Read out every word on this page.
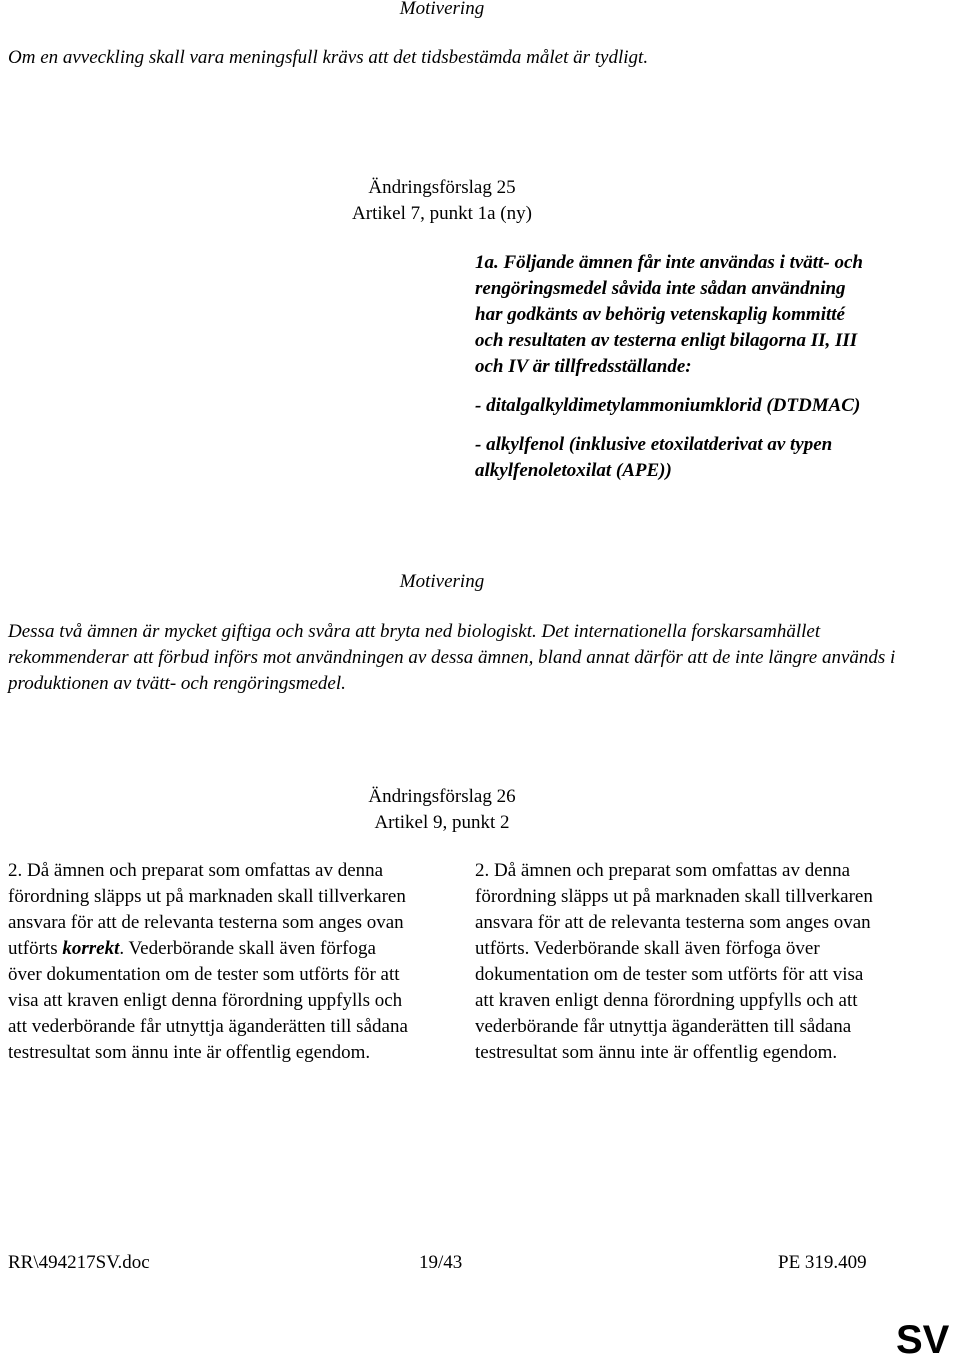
Motivering
Om en avveckling skall vara meningsfull krävs att det tidsbestämda målet är tydligt.
Ändringsförslag 25
Artikel 7, punkt 1a (ny)

1a. Följande ämnen får inte användas i tvätt- och rengöringsmedel såvida inte sådan användning har godkänts av behörig vetenskaplig kommitté och resultaten av testerna enligt bilagorna II, III och IV är tillfredsställande:

- ditalgalkyldimetylammoniumklorid (DTDMAC)

- alkylfenol (inklusive etoxilatderivat av typen alkylfenoletoxilat (APE))

Motivering
Dessa två ämnen är mycket giftiga och svåra att bryta ned biologiskt. Det internationella forskarsamhället rekommenderar att förbud införs mot användningen av dessa ämnen, bland annat därför att de inte längre används i produktionen av tvätt- och rengöringsmedel.
Ändringsförslag 26
Artikel 9, punkt 2

2. Då ämnen och preparat som omfattas av denna förordning släpps ut på marknaden skall tillverkaren ansvara för att de relevanta testerna som anges ovan utförts korrekt. Vederbörande skall även förfoga över dokumentation om de tester som utförts för att visa att kraven enligt denna förordning uppfylls och att vederbörande får utnyttja äganderätten till sådana testresultat som ännu inte är offentlig egendom.

2. Då ämnen och preparat som omfattas av denna förordning släpps ut på marknaden skall tillverkaren ansvara för att de relevanta testerna som anges ovan utförts. Vederbörande skall även förfoga över dokumentation om de tester som utförts för att visa att kraven enligt denna förordning uppfylls och att vederbörande får utnyttja äganderätten till sådana testresultat som ännu inte är offentlig egendom.

RR\494217SV.doc	19/43	PE 319.409
SV
